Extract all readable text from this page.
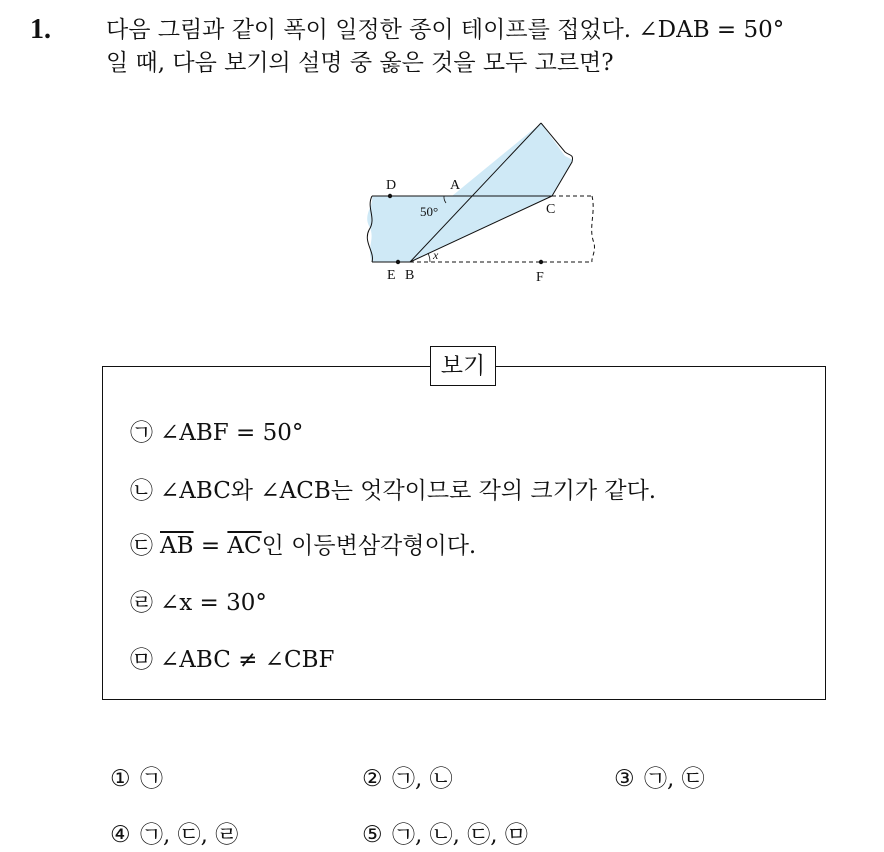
1. 다음 그림과 같이 폭이 일정한 종이 테이프를 접었다. ∠DAB = 50°
일 때, 다음 보기의 설명 중 옳은 것을 모두 고르면?
D	A
C
50°
x
E B	F
보기
㉠ ∠ABF = 50°
㉡ ∠ABC와 ∠ACB는 엇각이므로 각의 크기가 같다.
㉢ $\overline{AB} = \overline{AC}$인 이등변삼각형이다.
㉣ ∠x = 30°
㉤ ∠ABC ≠ ∠CBF
① ㉠	② ㉠, ㉡	③ ㉠, ㉢
④ ㉠, ㉢, ㉣	⑤ ㉠, ㉡, ㉢, ㉤
